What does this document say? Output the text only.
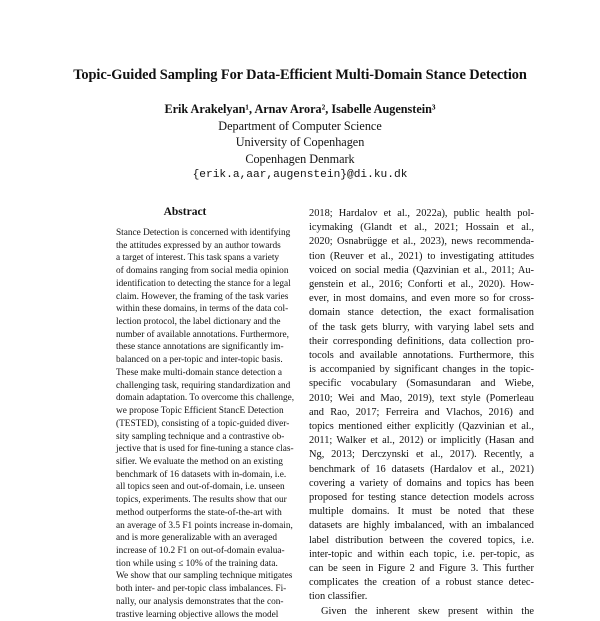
Topic-Guided Sampling For Data-Efficient Multi-Domain Stance Detection
Erik Arakelyan¹, Arnav Arora², Isabelle Augenstein³
Department of Computer Science
University of Copenhagen
Copenhagen Denmark
{erik.a,aar,augenstein}@di.ku.dk
Abstract
Stance Detection is concerned with identifying
the attitudes expressed by an author towards
a target of interest. This task spans a variety
of domains ranging from social media opinion
identification to detecting the stance for a legal
claim. However, the framing of the task varies
within these domains, in terms of the data col-
lection protocol, the label dictionary and the
number of available annotations. Furthermore,
these stance annotations are significantly im-
balanced on a per-topic and inter-topic basis.
These make multi-domain stance detection a
challenging task, requiring standardization and
domain adaptation. To overcome this challenge,
we propose Topic Efficient StancE Detection
(TESTED), consisting of a topic-guided diver-
sity sampling technique and a contrastive ob-
jective that is used for fine-tuning a stance clas-
sifier. We evaluate the method on an existing
benchmark of 16 datasets with in-domain, i.e.
all topics seen and out-of-domain, i.e. unseen
topics, experiments. The results show that our
method outperforms the state-of-the-art with
an average of 3.5 F1 points increase in-domain,
and is more generalizable with an averaged
increase of 10.2 F1 on out-of-domain evalua-
tion while using ≤ 10% of the training data.
We show that our sampling technique mitigates
both inter- and per-topic class imbalances. Fi-
nally, our analysis demonstrates that the con-
trastive learning objective allows the model
2018; Hardalov et al., 2022a), public health pol-
icymaking (Glandt et al., 2021; Hossain et al.,
2020; Osnabrügge et al., 2023), news recommenda-
tion (Reuver et al., 2021) to investigating attitudes
voiced on social media (Qazvinian et al., 2011; Au-
genstein et al., 2016; Conforti et al., 2020). How-
ever, in most domains, and even more so for cross-
domain stance detection, the exact formalisation
of the task gets blurry, with varying label sets and
their corresponding definitions, data collection pro-
tocols and available annotations. Furthermore, this
is accompanied by significant changes in the topic-
specific vocabulary (Somasundaran and Wiebe,
2010; Wei and Mao, 2019), text style (Pomerleau
and Rao, 2017; Ferreira and Vlachos, 2016) and
topics mentioned either explicitly (Qazvinian et al.,
2011; Walker et al., 2012) or implicitly (Hasan and
Ng, 2013; Derczynski et al., 2017). Recently, a
benchmark of 16 datasets (Hardalov et al., 2021)
covering a variety of domains and topics has been
proposed for testing stance detection models across
multiple domains. It must be noted that these
datasets are highly imbalanced, with an imbalanced
label distribution between the covered topics, i.e.
inter-topic and within each topic, i.e. per-topic, as
can be seen in Figure 2 and Figure 3. This further
complicates the creation of a robust stance detec-
tion classifier.
Given the inherent skew present within the
